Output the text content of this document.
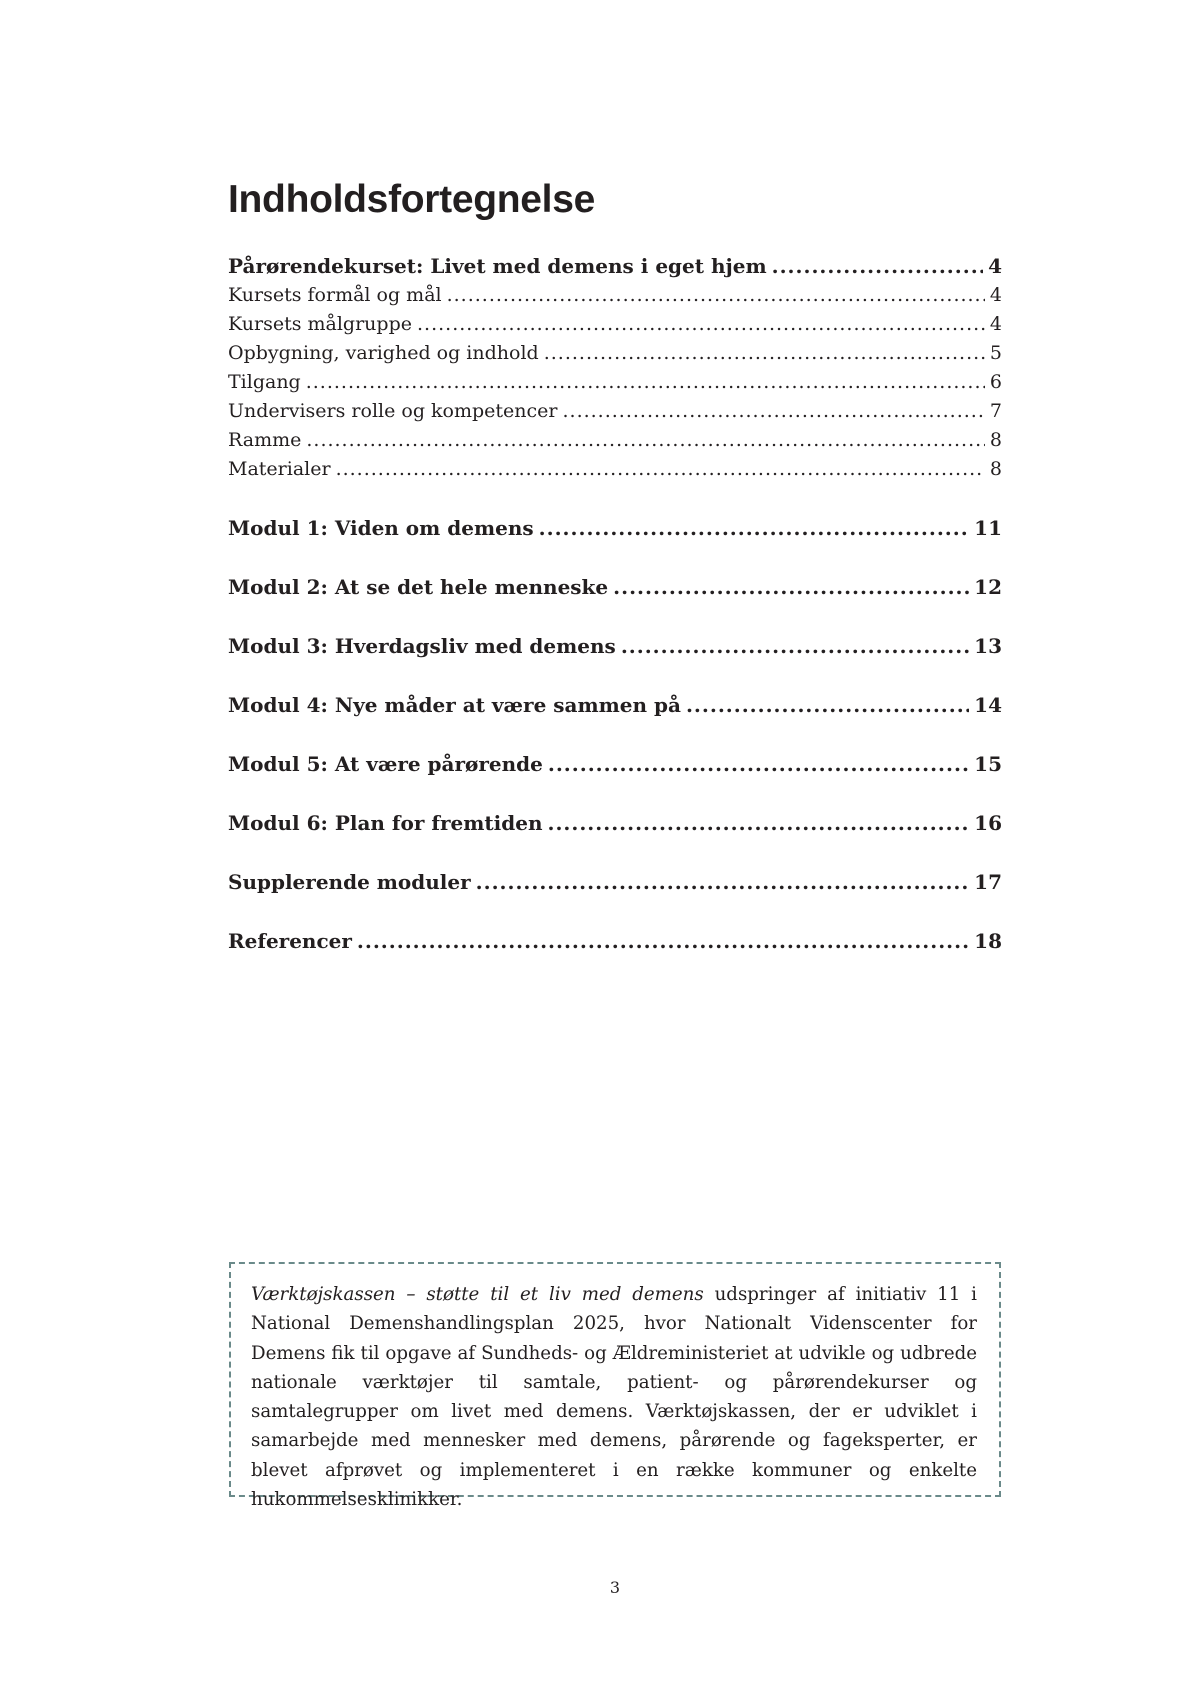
Indholdsfortegnelse
Pårørendekurset: Livet med demens i eget hjem .....	4
Kursets formål og mål .....	4
Kursets målgruppe .....	4
Opbygning, varighed og indhold .....	5
Tilgang .....	6
Undervisers rolle og kompetencer .....	7
Ramme .....	8
Materialer .....	8
Modul 1: Viden om demens .....	11
Modul 2: At se det hele menneske .....	12
Modul 3: Hverdagsliv med demens .....	13
Modul 4: Nye måder at være sammen på .....	14
Modul 5: At være pårørende .....	15
Modul 6: Plan for fremtiden .....	16
Supplerende moduler .....	17
Referencer .....	18
Værktøjskassen – støtte til et liv med demens udspringer af initiativ 11 i National Demenshandlingsplan 2025, hvor Nationalt Videnscenter for Demens fik til opgave af Sundheds- og Ældreministeriet at udvikle og udbrede nationale værktøjer til samtale, patient- og pårørendekurser og samtalegrupper om livet med demens. Værktøjskassen, der er udviklet i samarbejde med mennesker med demens, pårørende og fageksperter, er blevet afprøvet og implementeret i en række kommuner og enkelte hukommelsesklinikker.
3
